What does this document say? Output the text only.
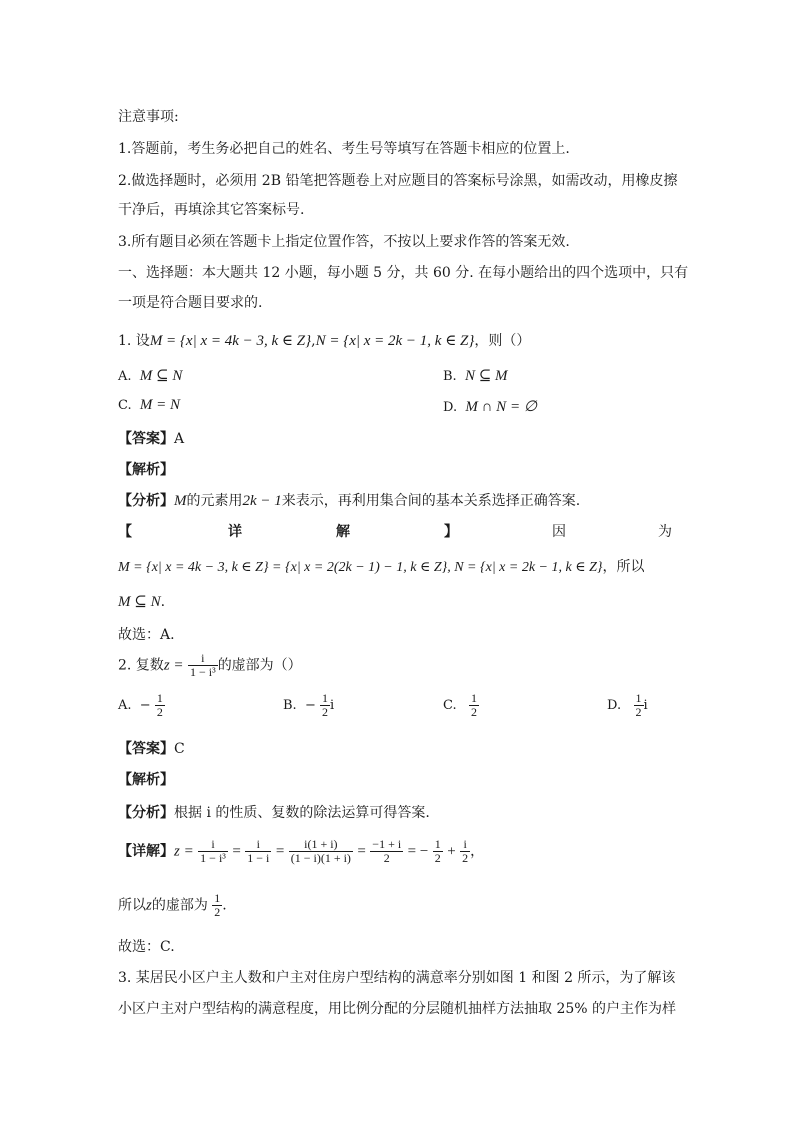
注意事项:
1.答题前，考生务必把自己的姓名、考生号等填写在答题卡相应的位置上.
2.做选择题时，必须用 2B 铅笔把答题卷上对应题目的答案标号涂黑，如需改动，用橡皮擦
干净后，再填涂其它答案标号.
3.所有题目必须在答题卡上指定位置作答，不按以上要求作答的答案无效.
一、选择题：本大题共 12 小题，每小题 5 分，共 60 分. 在每小题给出的四个选项中，只有
一项是符合题目要求的.
1. 设M = {x| x = 4k − 3, k ∈ Z},N = {x| x = 2k − 1, k ∈ Z}，则（）
A. M ⊆ N	B. N ⊆ M
C. M = N	D. M ∩ N = ∅
【答案】A
【解析】
【分析】M的元素用2k − 1来表示，再利用集合间的基本关系选择正确答案.
【	详	解	】	因	为
M = {x| x = 4k − 3, k ∈ Z} = {x| x = 2(2k − 1) − 1, k ∈ Z}, N = {x| x = 2k − 1, k ∈ Z}，所以
M ⊆ N.
故选：A.
2. 复数$z = \frac{i}{\text{1 − i³}}$ 的虚部为（）
A. − $\frac{1}{2}$	B. − $\frac{1}{2}$ i	C. $\frac{1}{2}$	D. $\frac{1}{2}$ i
【答案】C
【解析】
【分析】根据 i 的性质、复数的除法运算可得答案.
【详解】$z = \frac{i}{\text{1 − i³}} = \frac{i}{1 - i} = \frac{i(1 + i)}{(1 - i)(1 + i)} = \frac{-1 + i}{2}$ = − $\frac{1}{2} + \frac{i}{2}$ ，
所以z的虚部为 $\frac{1}{2}$ .
故选：C.
3. 某居民小区户主人数和户主对住房户型结构的满意率分别如图 1 和图 2 所示，为了解该
小区户主对户型结构的满意程度，用比例分配的分层随机抽样方法抽取 25% 的户主作为样
